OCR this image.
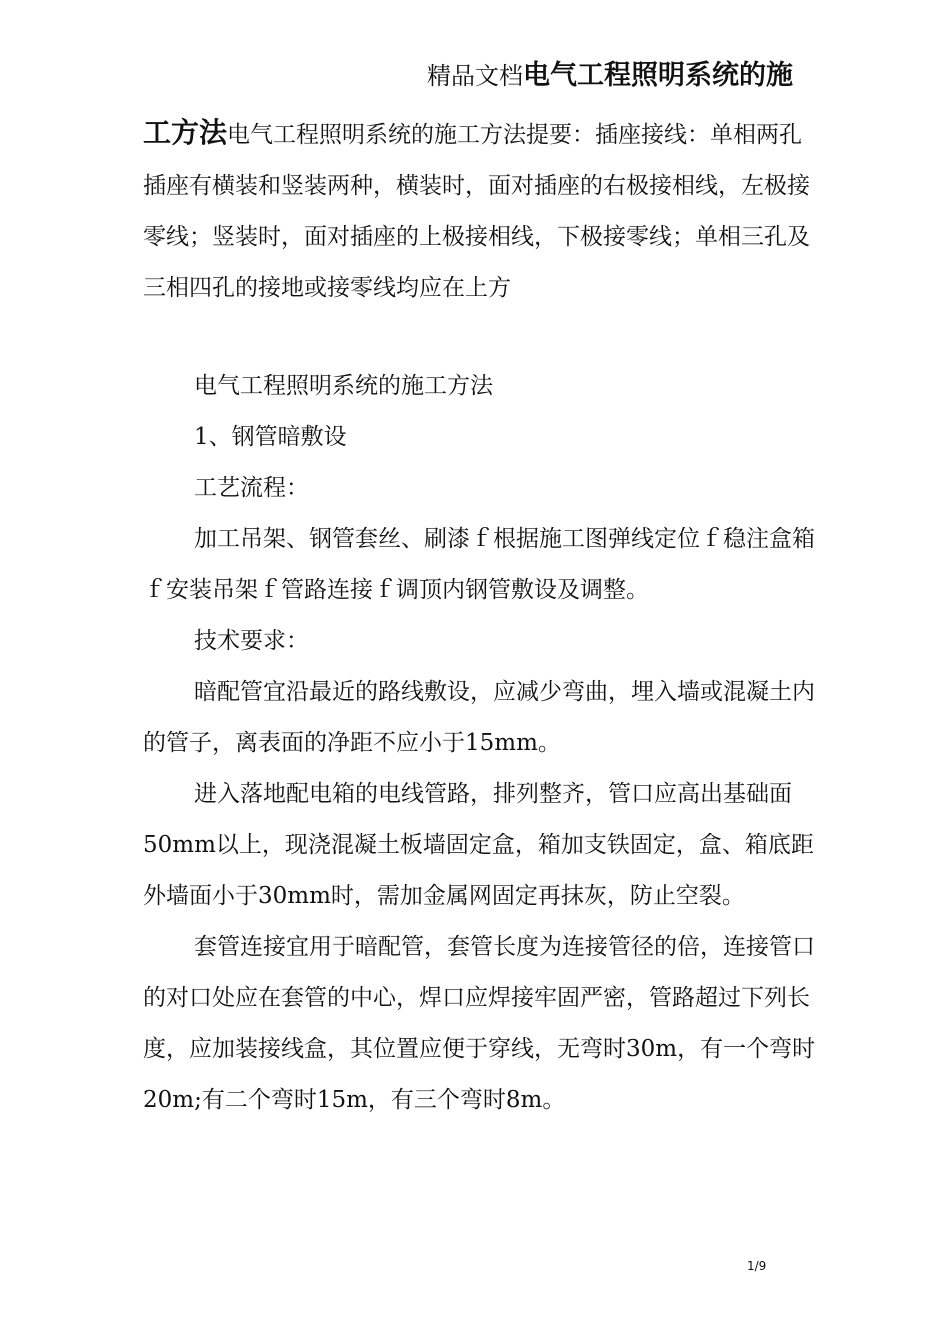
精品文档电气工程照明系统的施
工方法电气工程照明系统的施工方法提要：插座接线：单相两孔插座有横装和竖装两种，横装时，面对插座的右极接相线，左极接零线；竖装时，面对插座的上极接相线，下极接零线；单相三孔及三相四孔的接地或接零线均应在上方

电气工程照明系统的施工方法

1、钢管暗敷设

工艺流程：

加工吊架、钢管套丝、刷漆ｆ根据施工图弹线定位ｆ稳注盒箱ｆ安装吊架ｆ管路连接ｆ调顶内钢管敷设及调整。

技术要求：

暗配管宜沿最近的路线敷设，应减少弯曲，埋入墙或混凝土内的管子，离表面的净距不应小于15mm。

进入落地配电箱的电线管路，排列整齐，管口应高出基础面50mm以上，现浇混凝土板墙固定盒，箱加支铁固定，盒、箱底距外墙面小于30mm时，需加金属网固定再抹灰，防止空裂。

套管连接宜用于暗配管，套管长度为连接管径的倍，连接管口的对口处应在套管的中心，焊口应焊接牢固严密，管路超过下列长度，应加装接线盒，其位置应便于穿线，无弯时30m，有一个弯时20m;有二个弯时15m，有三个弯时8m。

1/9
